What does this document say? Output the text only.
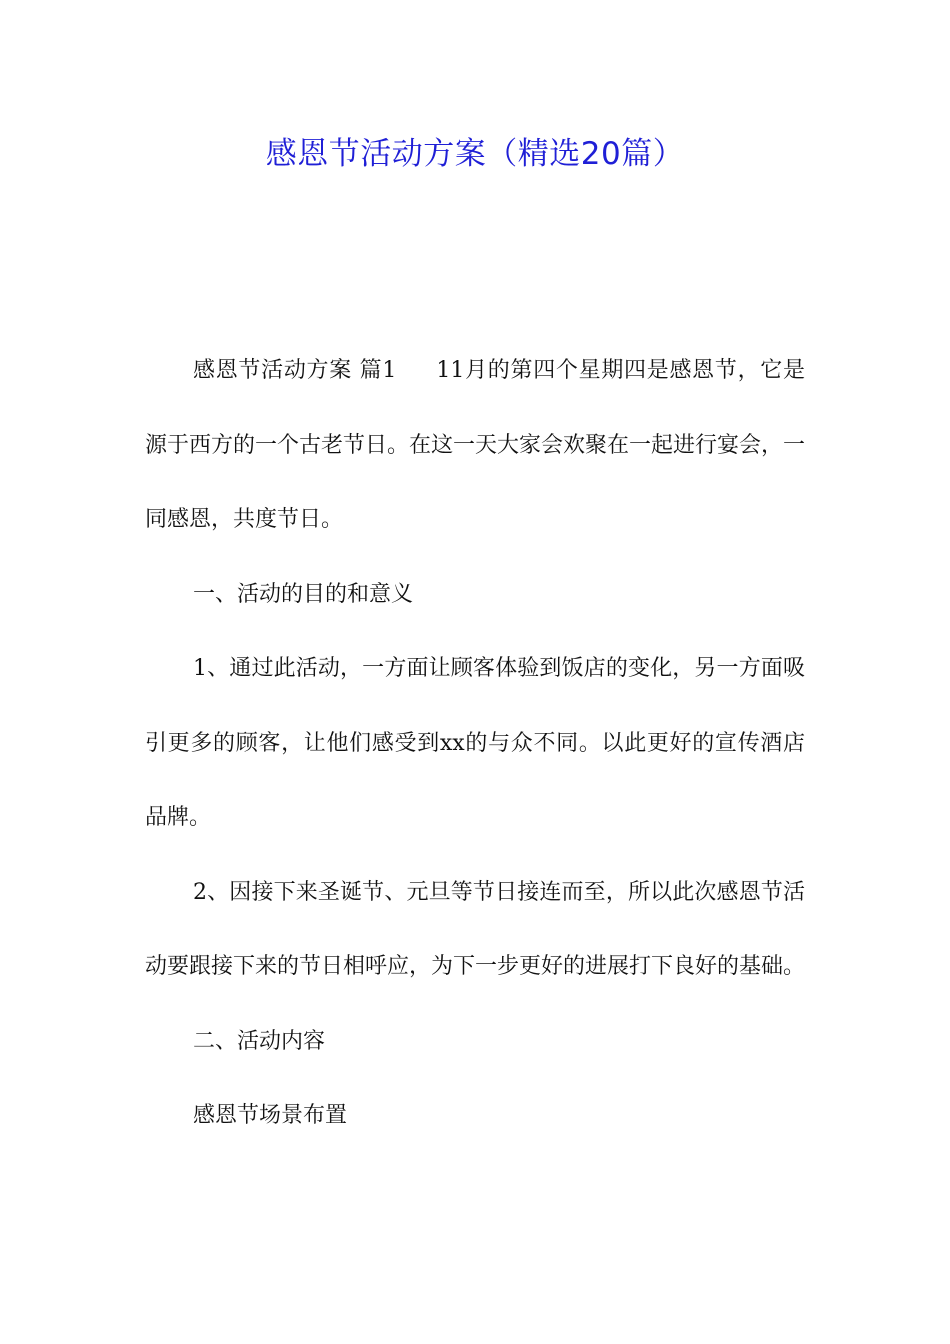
感恩节活动方案（精选20篇）

感恩节活动方案 篇1 11月的第四个星期四是感恩节，它是源于西方的一个古老节日。在这一天大家会欢聚在一起进行宴会，一同感恩，共度节日。

一、活动的目的和意义

1、通过此活动，一方面让顾客体验到饭店的变化，另一方面吸引更多的顾客，让他们感受到xx的与众不同。以此更好的宣传酒店品牌。

2、因接下来圣诞节、元旦等节日接连而至，所以此次感恩节活动要跟接下来的节日相呼应，为下一步更好的进展打下良好的基础。

二、活动内容

感恩节场景布置
